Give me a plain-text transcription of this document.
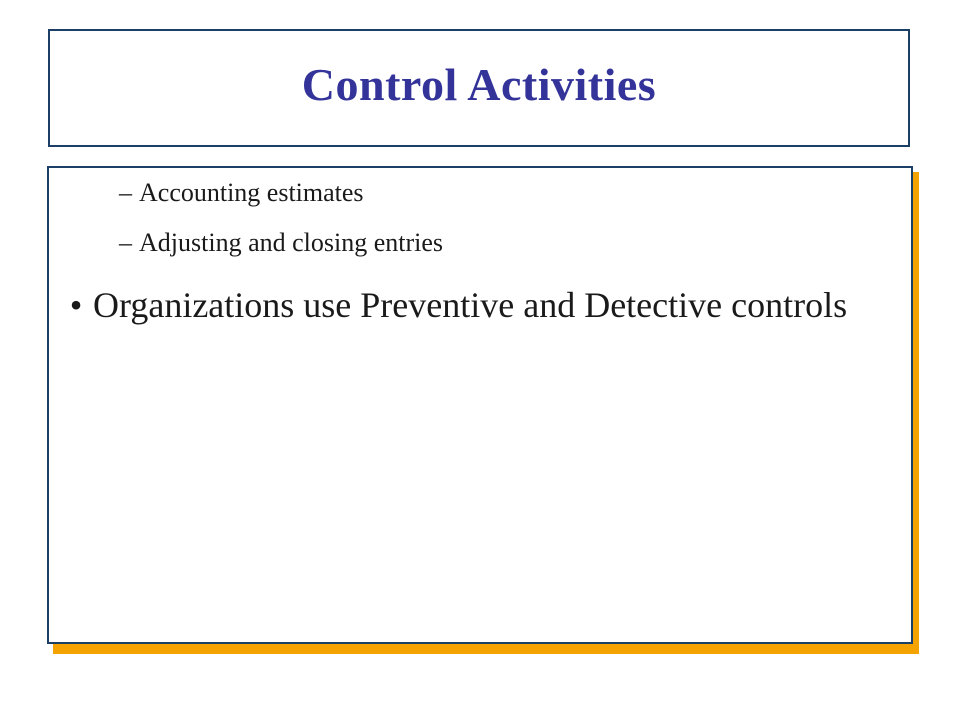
Control Activities
– Accounting estimates
– Adjusting and closing entries
• Organizations use Preventive and Detective controls
